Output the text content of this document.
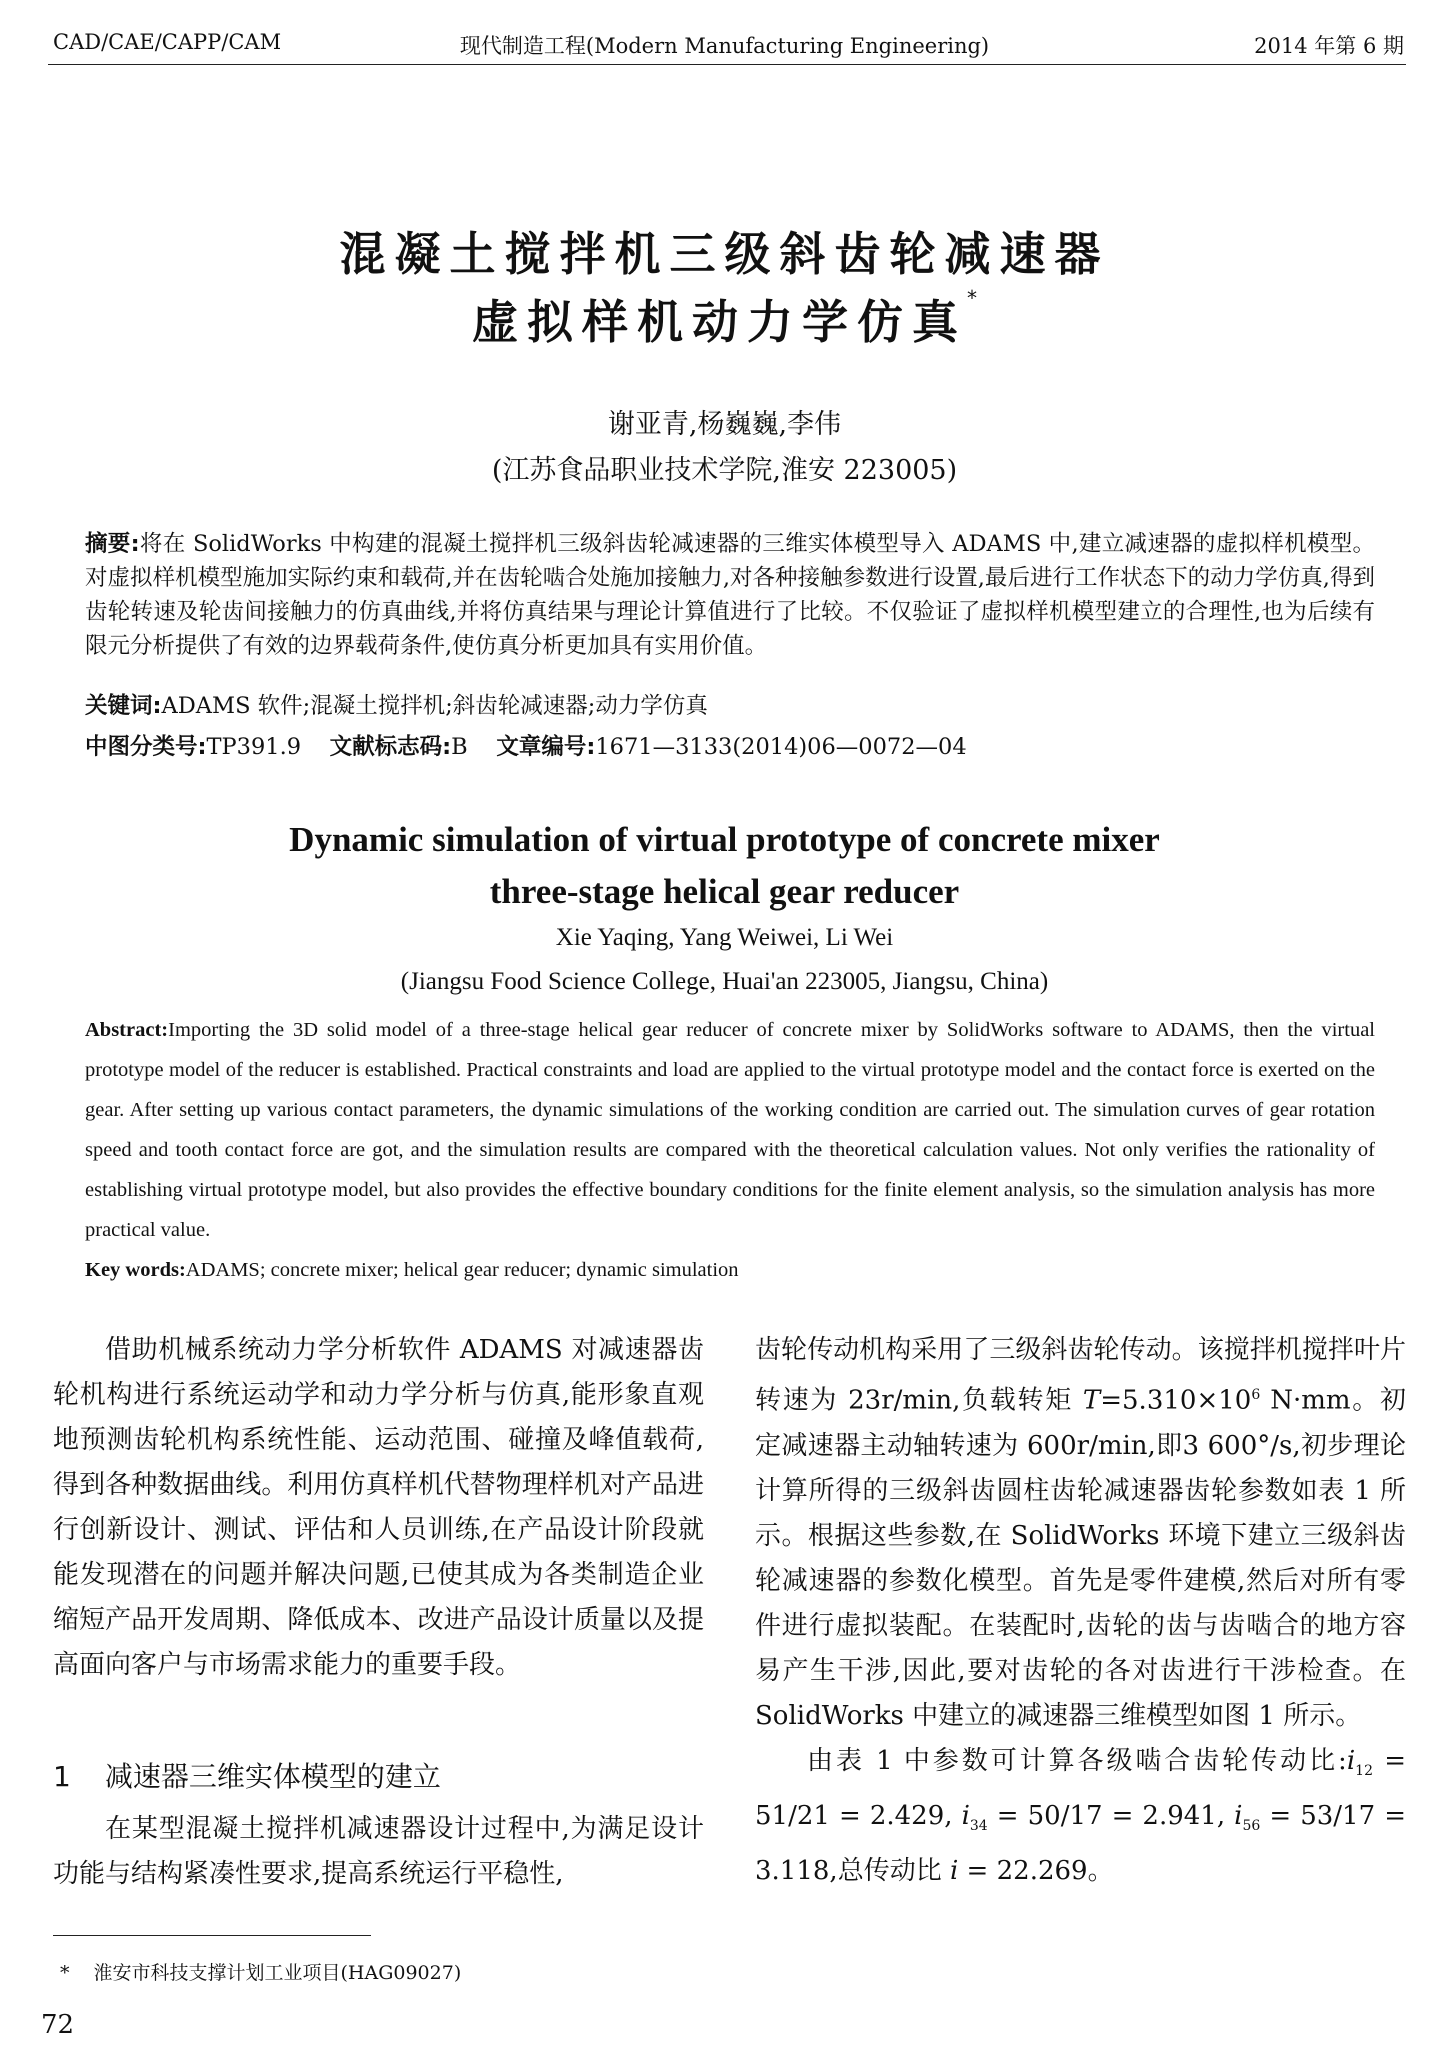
CAD/CAE/CAPP/CAM	现代制造工程(Modern Manufacturing Engineering)	2014 年第 6 期
混凝土搅拌机三级斜齿轮减速器
虚拟样机动力学仿真*
谢亚青,杨巍巍,李伟
(江苏食品职业技术学院,淮安 223005)
摘要:将在 SolidWorks 中构建的混凝土搅拌机三级斜齿轮减速器的三维实体模型导入 ADAMS 中,建立减速器的虚拟样机模型。对虚拟样机模型施加实际约束和载荷,并在齿轮啮合处施加接触力,对各种接触参数进行设置,最后进行工作状态下的动力学仿真,得到齿轮转速及轮齿间接触力的仿真曲线,并将仿真结果与理论计算值进行了比较。不仅验证了虚拟样机模型建立的合理性,也为后续有限元分析提供了有效的边界载荷条件,使仿真分析更加具有实用价值。
关键词:ADAMS 软件;混凝土搅拌机;斜齿轮减速器;动力学仿真
中图分类号:TP391.9 文献标志码:B 文章编号:1671—3133(2014)06—0072—04
Dynamic simulation of virtual prototype of concrete mixer
three-stage helical gear reducer
Xie Yaqing, Yang Weiwei, Li Wei
(Jiangsu Food Science College, Huai'an 223005, Jiangsu, China)
Abstract:Importing the 3D solid model of a three-stage helical gear reducer of concrete mixer by SolidWorks software to ADAMS, then the virtual prototype model of the reducer is established. Practical constraints and load are applied to the virtual prototype model and the contact force is exerted on the gear. After setting up various contact parameters, the dynamic simulations of the working condition are carried out. The simulation curves of gear rotation speed and tooth contact force are got, and the simulation results are compared with the theoretical calculation values. Not only verifies the rationality of establishing virtual prototype model, but also provides the effective boundary conditions for the finite element analysis, so the simulation analysis has more practical value.
Key words:ADAMS; concrete mixer; helical gear reducer; dynamic simulation

借助机械系统动力学分析软件 ADAMS 对减速器齿轮机构进行系统运动学和动力学分析与仿真,能形象直观地预测齿轮机构系统性能、运动范围、碰撞及峰值载荷,得到各种数据曲线。利用仿真样机代替物理样机对产品进行创新设计、测试、评估和人员训练,在产品设计阶段就能发现潜在的问题并解决问题,已使其成为各类制造企业缩短产品开发周期、降低成本、改进产品设计质量以及提高面向客户与市场需求能力的重要手段。

1 减速器三维实体模型的建立

在某型混凝土搅拌机减速器设计过程中,为满足设计功能与结构紧凑性要求,提高系统运行平稳性,

齿轮传动机构采用了三级斜齿轮传动。该搅拌机搅拌叶片转速为 23r/min,负载转矩 $T=5.310\times 10^6$ N·mm。初定减速器主动轴转速为 600r/min,即3 600°/s,初步理论计算所得的三级斜齿圆柱齿轮减速器齿轮参数如表 1 所示。根据这些参数,在 SolidWorks 环境下建立三级斜齿轮减速器的参数化模型。首先是零件建模,然后对所有零件进行虚拟装配。在装配时,齿轮的齿与齿啮合的地方容易产生干涉,因此,要对齿轮的各对齿进行干涉检查。在 SolidWorks 中建立的减速器三维模型如图 1 所示。

由表 1 中参数可计算各级啮合齿轮传动比$:i_{12} = 51/21 = 2.429$, $i_{34} = 50/17 = 2.941$, $i_{56} = 53/17 = 3.118$,总传动比 i = 22.269。

* 淮安市科技支撑计划工业项目(HAG09027)
72
